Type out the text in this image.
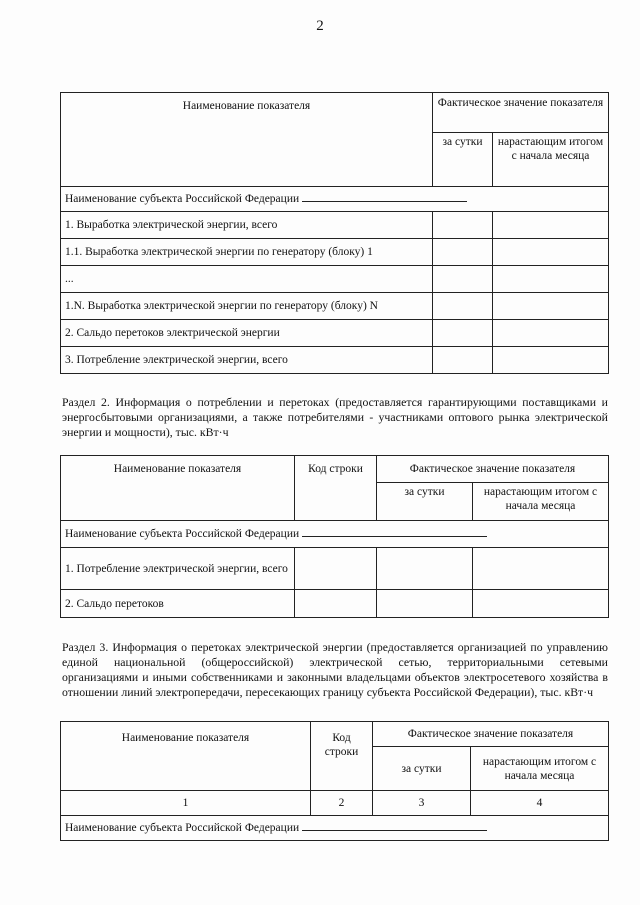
2
Наименование показателя	Фактическое значение показателя	
	за сутки	нарастающим итогом с начала месяца
Наименование субъекта Российской Федерации		
1. Выработка электрической энергии, всего		
1.1. Выработка электрической энергии по генератору (блоку) 1		
...		
1.N. Выработка электрической энергии по генератору (блоку) N		
2. Сальдо перетоков электрической энергии		
3. Потребление электрической энергии, всего		

Раздел 2. Информация о потреблении и перетоках (предоставляется гарантирующими поставщиками и энергосбытовыми организациями, а также потребителями - участниками оптового рынка электрической энергии и мощности), тыс. кВт·ч

Наименование показателя	Код строки	Фактическое значение показателя	
		за сутки	нарастающим итогом с начала месяца
Наименование субъекта Российской Федерации			
1. Потребление электрической энергии, всего			
2. Сальдо перетоков			

Раздел 3. Информация о перетоках электрической энергии (предоставляется организацией по управлению единой национальной (общероссийской) электрической сетью, территориальными сетевыми организациями и иными собственниками и законными владельцами объектов электросетевого хозяйства в отношении линий электропередачи, пересекающих границу субъекта Российской Федерации), тыс. кВт·ч

Наименование показателя	Код строки	Фактическое значение показателя	
		за сутки	нарастающим итогом с начала месяца
1	2	3	4
Наименование субъекта Российской Федерации			
